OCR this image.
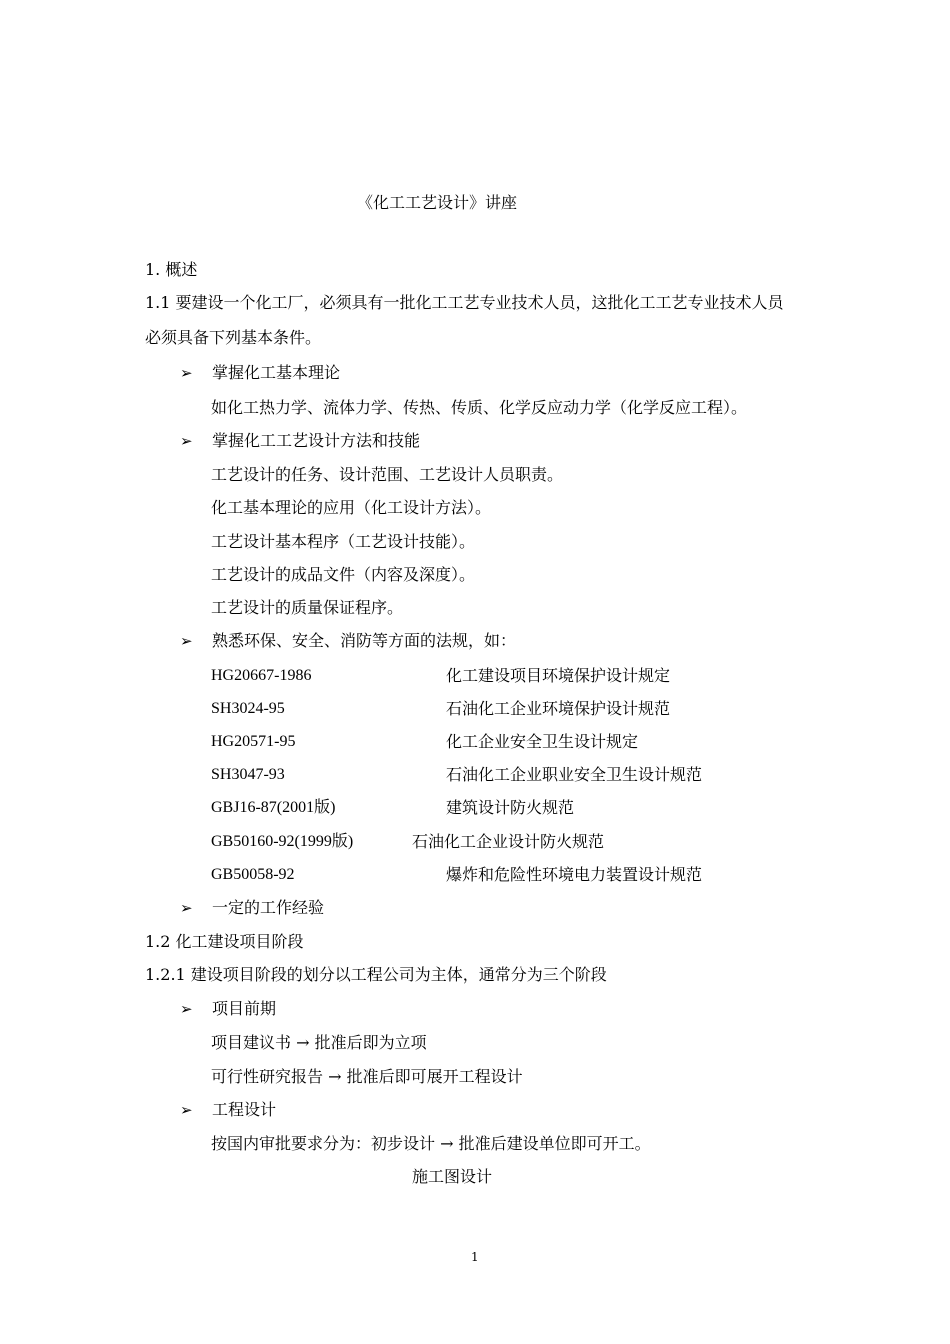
《化工工艺设计》讲座
1. 概述
1.1 要建设一个化工厂，必须具有一批化工工艺专业技术人员，这批化工工艺专业技术人员
必须具备下列基本条件。
➢ 掌握化工基本理论
如化工热力学、流体力学、传热、传质、化学反应动力学（化学反应工程）。
➢ 掌握化工工艺设计方法和技能
工艺设计的任务、设计范围、工艺设计人员职责。
化工基本理论的应用（化工设计方法）。
工艺设计基本程序（工艺设计技能）。
工艺设计的成品文件（内容及深度）。
工艺设计的质量保证程序。
➢ 熟悉环保、安全、消防等方面的法规，如：
HG20667-1986	化工建设项目环境保护设计规定
SH3024-95	石油化工企业环境保护设计规范
HG20571-95	化工企业安全卫生设计规定
SH3047-93	石油化工企业职业安全卫生设计规范
GBJ16-87(2001版)	建筑设计防火规范
GB50160-92(1999版)	石油化工企业设计防火规范
GB50058-92	爆炸和危险性环境电力装置设计规范
➢ 一定的工作经验
1.2 化工建设项目阶段
1.2.1 建设项目阶段的划分以工程公司为主体，通常分为三个阶段
➢ 项目前期
项目建议书 → 批准后即为立项
可行性研究报告 → 批准后即可展开工程设计
➢ 工程设计
按国内审批要求分为：初步设计 → 批准后建设单位即可开工。
施工图设计
1
